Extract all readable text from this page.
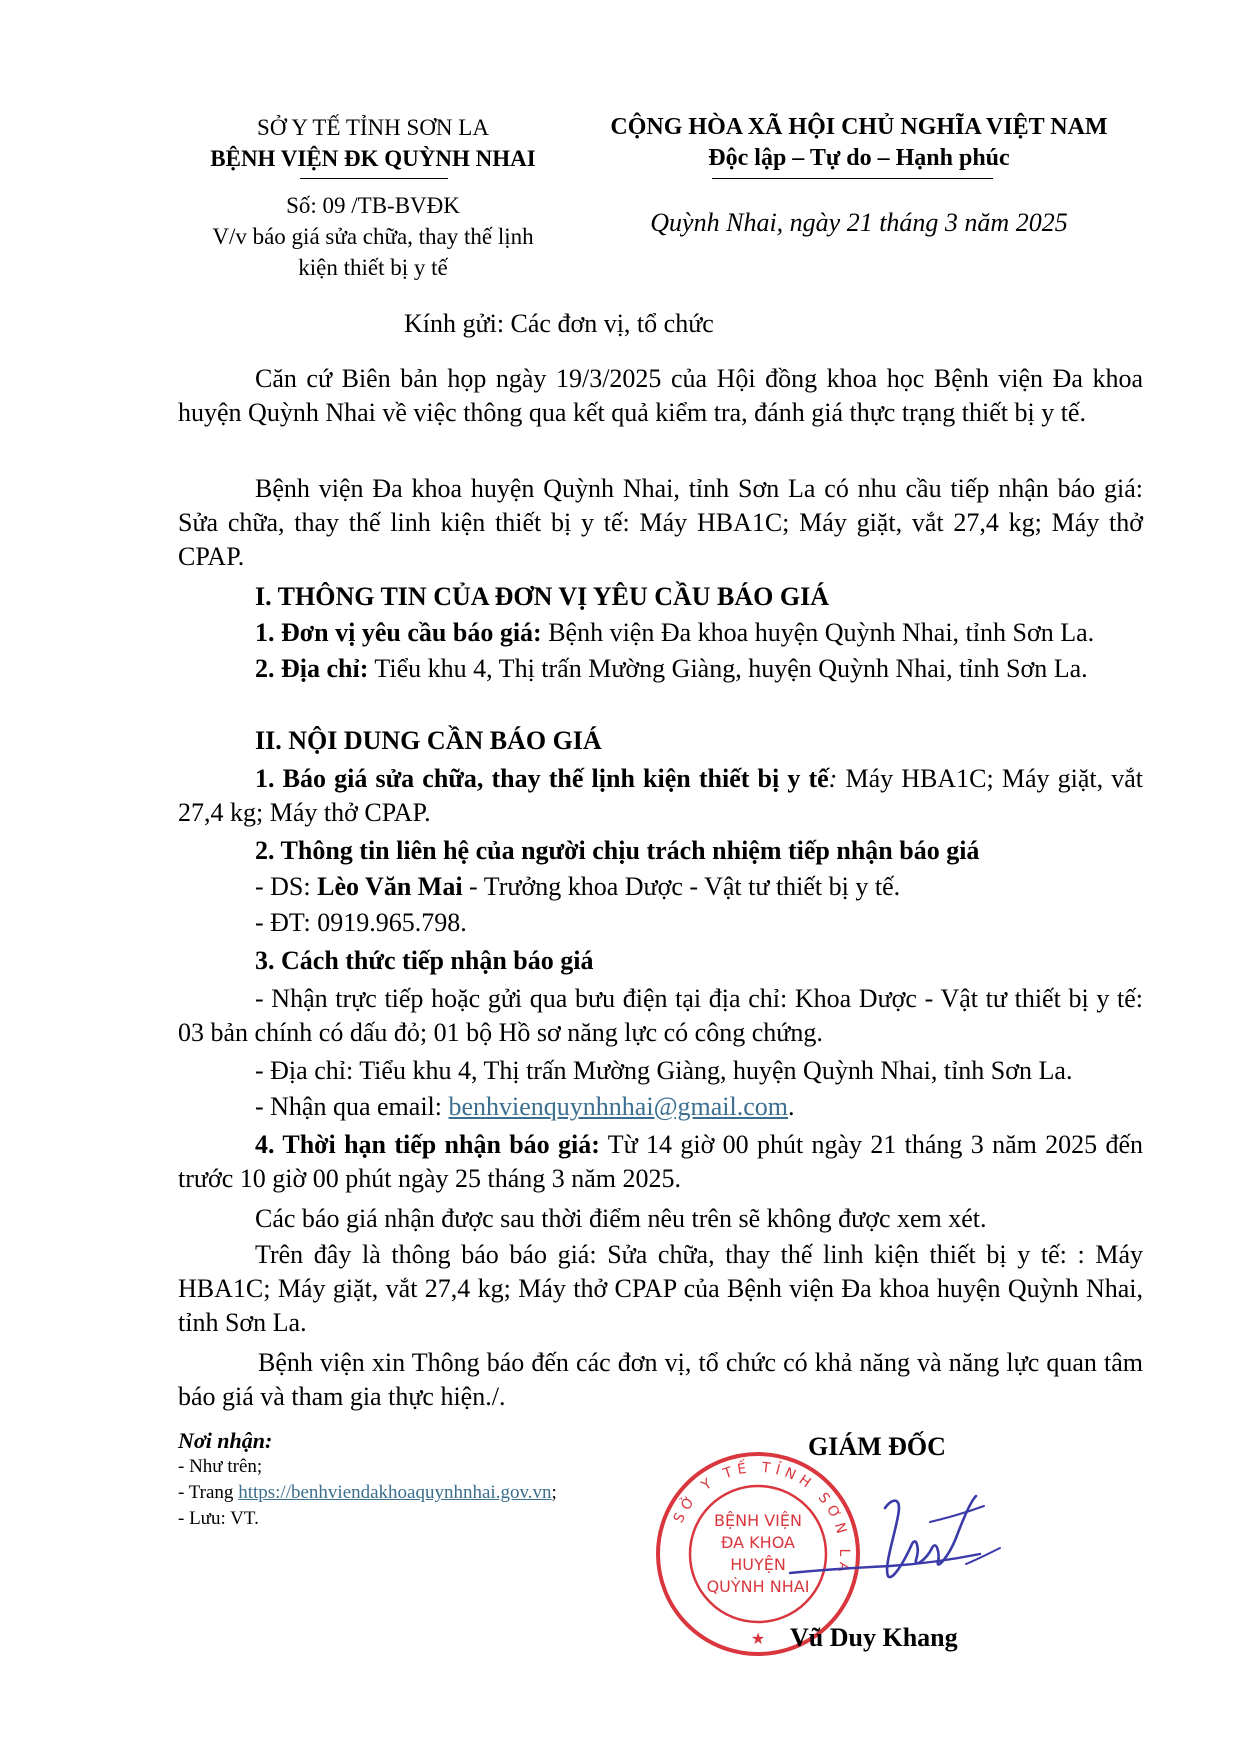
SỞ Y TẾ TỈNH SƠN LA
BỆNH VIỆN ĐK QUỲNH NHAI
Số: 09 /TB-BVĐK
V/v báo giá sửa chữa, thay thế lịnh
kiện thiết bị y tế
CỘNG HÒA XÃ HỘI CHỦ NGHĨA VIỆT NAM
Độc lập – Tự do – Hạnh phúc
Quỳnh Nhai, ngày 21 tháng 3 năm 2025
Kính gửi: Các đơn vị, tổ chức

Căn cứ Biên bản họp ngày 19/3/2025 của Hội đồng khoa học Bệnh viện Đa khoa huyện Quỳnh Nhai về việc thông qua kết quả kiểm tra, đánh giá thực trạng thiết bị y tế.

Bệnh viện Đa khoa huyện Quỳnh Nhai, tỉnh Sơn La có nhu cầu tiếp nhận báo giá: Sửa chữa, thay thế linh kiện thiết bị y tế: Máy HBA1C; Máy giặt, vắt 27,4 kg; Máy thở CPAP.

I. THÔNG TIN CỦA ĐƠN VỊ YÊU CẦU BÁO GIÁ

1. Đơn vị yêu cầu báo giá: Bệnh viện Đa khoa huyện Quỳnh Nhai, tỉnh Sơn La.

2. Địa chỉ: Tiểu khu 4, Thị trấn Mường Giàng, huyện Quỳnh Nhai, tỉnh Sơn La.

II. NỘI DUNG CẦN BÁO GIÁ

1. Báo giá sửa chữa, thay thế lịnh kiện thiết bị y tế: Máy HBA1C; Máy giặt, vắt 27,4 kg; Máy thở CPAP.

2. Thông tin liên hệ của người chịu trách nhiệm tiếp nhận báo giá

- DS: Lèo Văn Mai - Trưởng khoa Dược - Vật tư thiết bị y tế.

- ĐT: 0919.965.798.

3. Cách thức tiếp nhận báo giá

- Nhận trực tiếp hoặc gửi qua bưu điện tại địa chỉ: Khoa Dược - Vật tư thiết bị y tế: 03 bản chính có dấu đỏ; 01 bộ Hồ sơ năng lực có công chứng.

- Địa chỉ: Tiểu khu 4, Thị trấn Mường Giàng, huyện Quỳnh Nhai, tỉnh Sơn La.

- Nhận qua email: benhvienquynhnhai@gmail.com.

4. Thời hạn tiếp nhận báo giá: Từ 14 giờ 00 phút ngày 21 tháng 3 năm 2025 đến trước 10 giờ 00 phút ngày 25 tháng 3 năm 2025.

Các báo giá nhận được sau thời điểm nêu trên sẽ không được xem xét.

Trên đây là thông báo báo giá: Sửa chữa, thay thế linh kiện thiết bị y tế: : Máy HBA1C; Máy giặt, vắt 27,4 kg; Máy thở CPAP của Bệnh viện Đa khoa huyện Quỳnh Nhai, tỉnh Sơn La.

Bệnh viện xin Thông báo đến các đơn vị, tổ chức có khả năng và năng lực quan tâm báo giá và tham gia thực hiện./.

Nơi nhận:
- Như trên;
- Trang https://benhviendakhoaquynhnhai.gov.vn;
- Lưu: VT.
GIÁM ĐỐC
SỞ Y TẾ TỈNH SƠN LA
BỆNH VIỆN
ĐA KHOA
HUYỆN
QUỲNH NHAI
★ Vũ Duy Khang
